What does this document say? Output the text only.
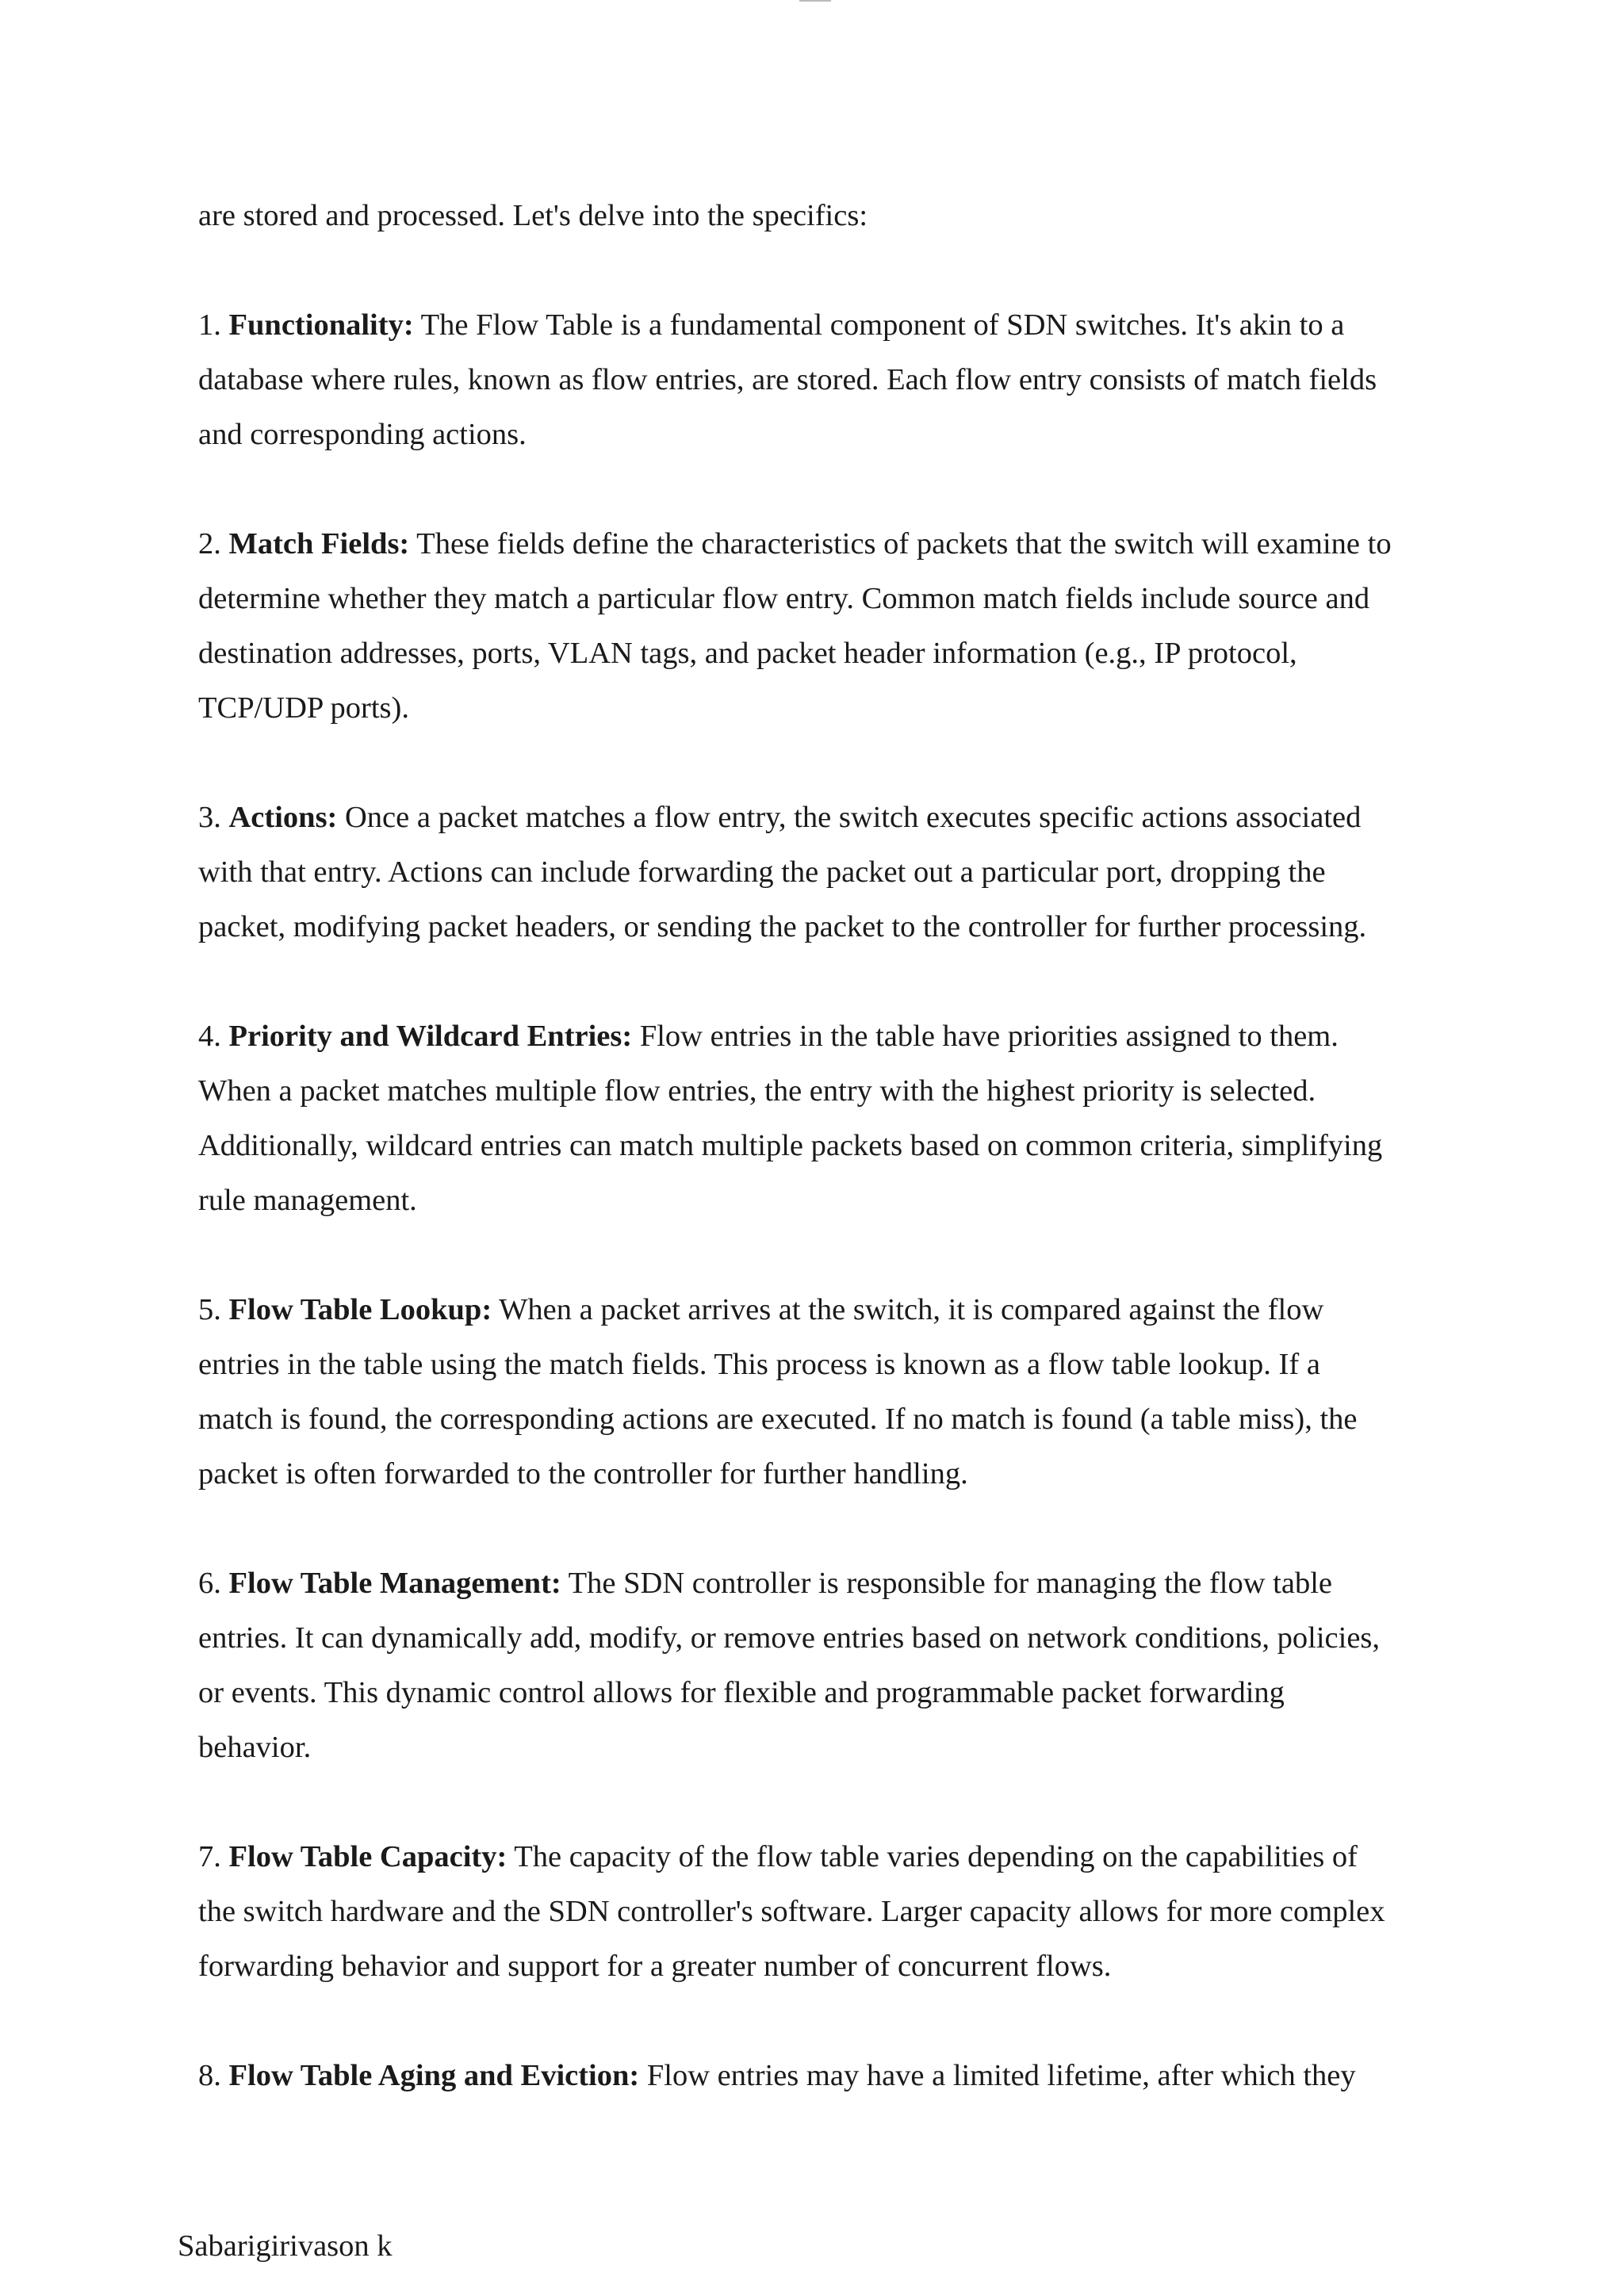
are stored and processed. Let's delve into the specifics:

1. Functionality: The Flow Table is a fundamental component of SDN switches. It's akin to a

database where rules, known as flow entries, are stored. Each flow entry consists of match fields

and corresponding actions.

2. Match Fields: These fields define the characteristics of packets that the switch will examine to

determine whether they match a particular flow entry. Common match fields include source and

destination addresses, ports, VLAN tags, and packet header information (e.g., IP protocol,

TCP/UDP ports).

3. Actions: Once a packet matches a flow entry, the switch executes specific actions associated

with that entry. Actions can include forwarding the packet out a particular port, dropping the

packet, modifying packet headers, or sending the packet to the controller for further processing.

4. Priority and Wildcard Entries: Flow entries in the table have priorities assigned to them.

When a packet matches multiple flow entries, the entry with the highest priority is selected.

Additionally, wildcard entries can match multiple packets based on common criteria, simplifying

rule management.

5. Flow Table Lookup: When a packet arrives at the switch, it is compared against the flow

entries in the table using the match fields. This process is known as a flow table lookup. If a

match is found, the corresponding actions are executed. If no match is found (a table miss), the

packet is often forwarded to the controller for further handling.

6. Flow Table Management: The SDN controller is responsible for managing the flow table

entries. It can dynamically add, modify, or remove entries based on network conditions, policies,

or events. This dynamic control allows for flexible and programmable packet forwarding

behavior.

7. Flow Table Capacity: The capacity of the flow table varies depending on the capabilities of

the switch hardware and the SDN controller's software. Larger capacity allows for more complex

forwarding behavior and support for a greater number of concurrent flows.

8. Flow Table Aging and Eviction: Flow entries may have a limited lifetime, after which they

Sabarigirivason k
